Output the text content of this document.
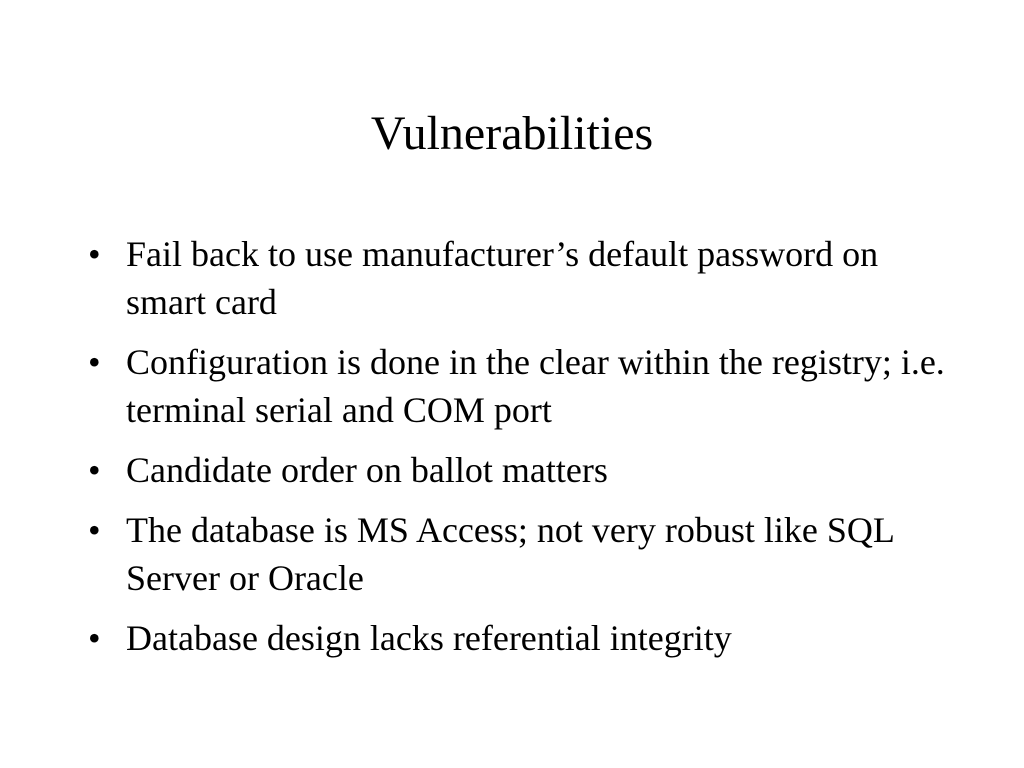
Vulnerabilities
• Fail back to use manufacturer’s default password on smart card
• Configuration is done in the clear within the registry; i.e. terminal serial and COM port
• Candidate order on ballot matters
• The database is MS Access; not very robust like SQL Server or Oracle
• Database design lacks referential integrity
